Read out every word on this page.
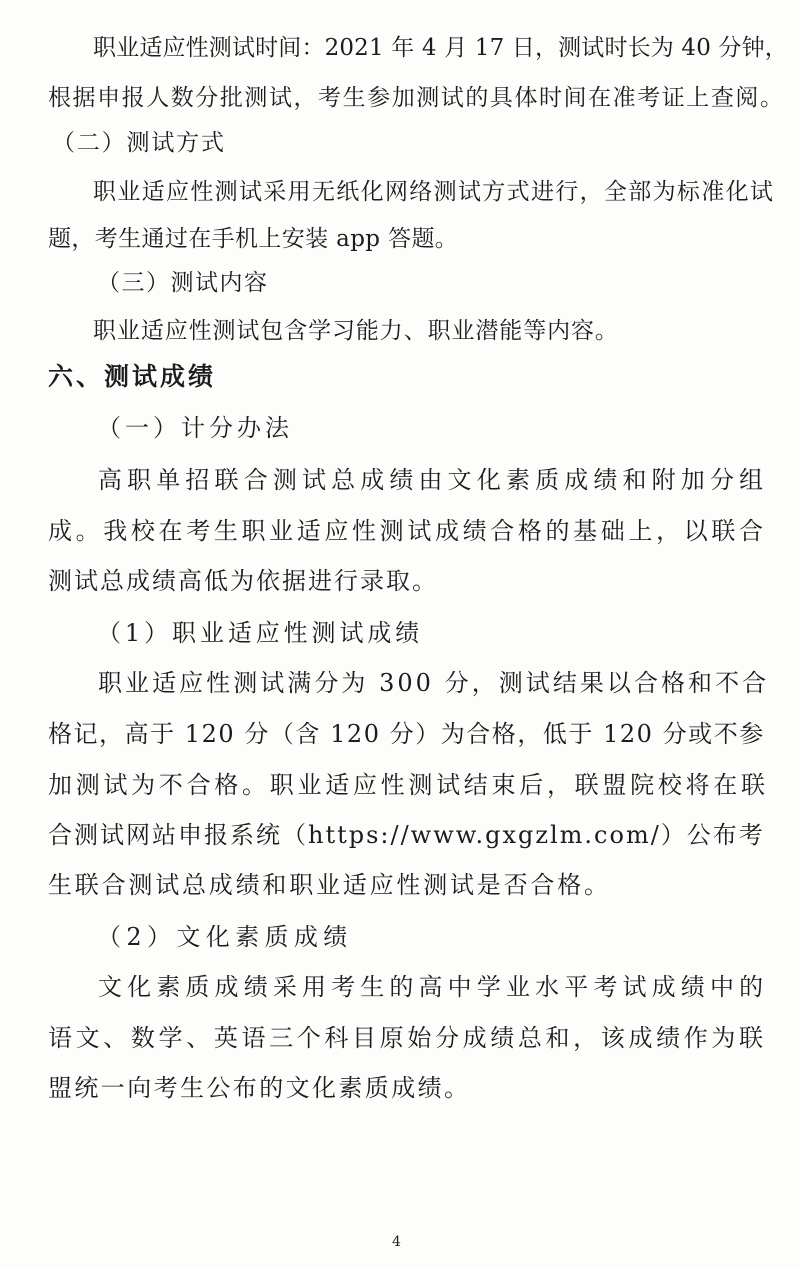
职业适应性测试时间：2021 年 4 月 17 日，测试时长为 40 分钟，

根据申报人数分批测试，考生参加测试的具体时间在准考证上查阅。

（二）测试方式

职业适应性测试采用无纸化网络测试方式进行，全部为标准化试

题，考生通过在手机上安装 app 答题。

（三）测试内容

职业适应性测试包含学习能力、职业潜能等内容。

六、测试成绩

（一）计分办法

高职单招联合测试总成绩由文化素质成绩和附加分组

成。我校在考生职业适应性测试成绩合格的基础上，以联合

测试总成绩高低为依据进行录取。

（1）职业适应性测试成绩

职业适应性测试满分为 300 分，测试结果以合格和不合

格记，高于 120 分（含 120 分）为合格，低于 120 分或不参

加测试为不合格。职业适应性测试结束后，联盟院校将在联

合测试网站申报系统（https://www.gxgzlm.com/）公布考

生联合测试总成绩和职业适应性测试是否合格。

（2）文化素质成绩

文化素质成绩采用考生的高中学业水平考试成绩中的

语文、数学、英语三个科目原始分成绩总和，该成绩作为联

盟统一向考生公布的文化素质成绩。

4
